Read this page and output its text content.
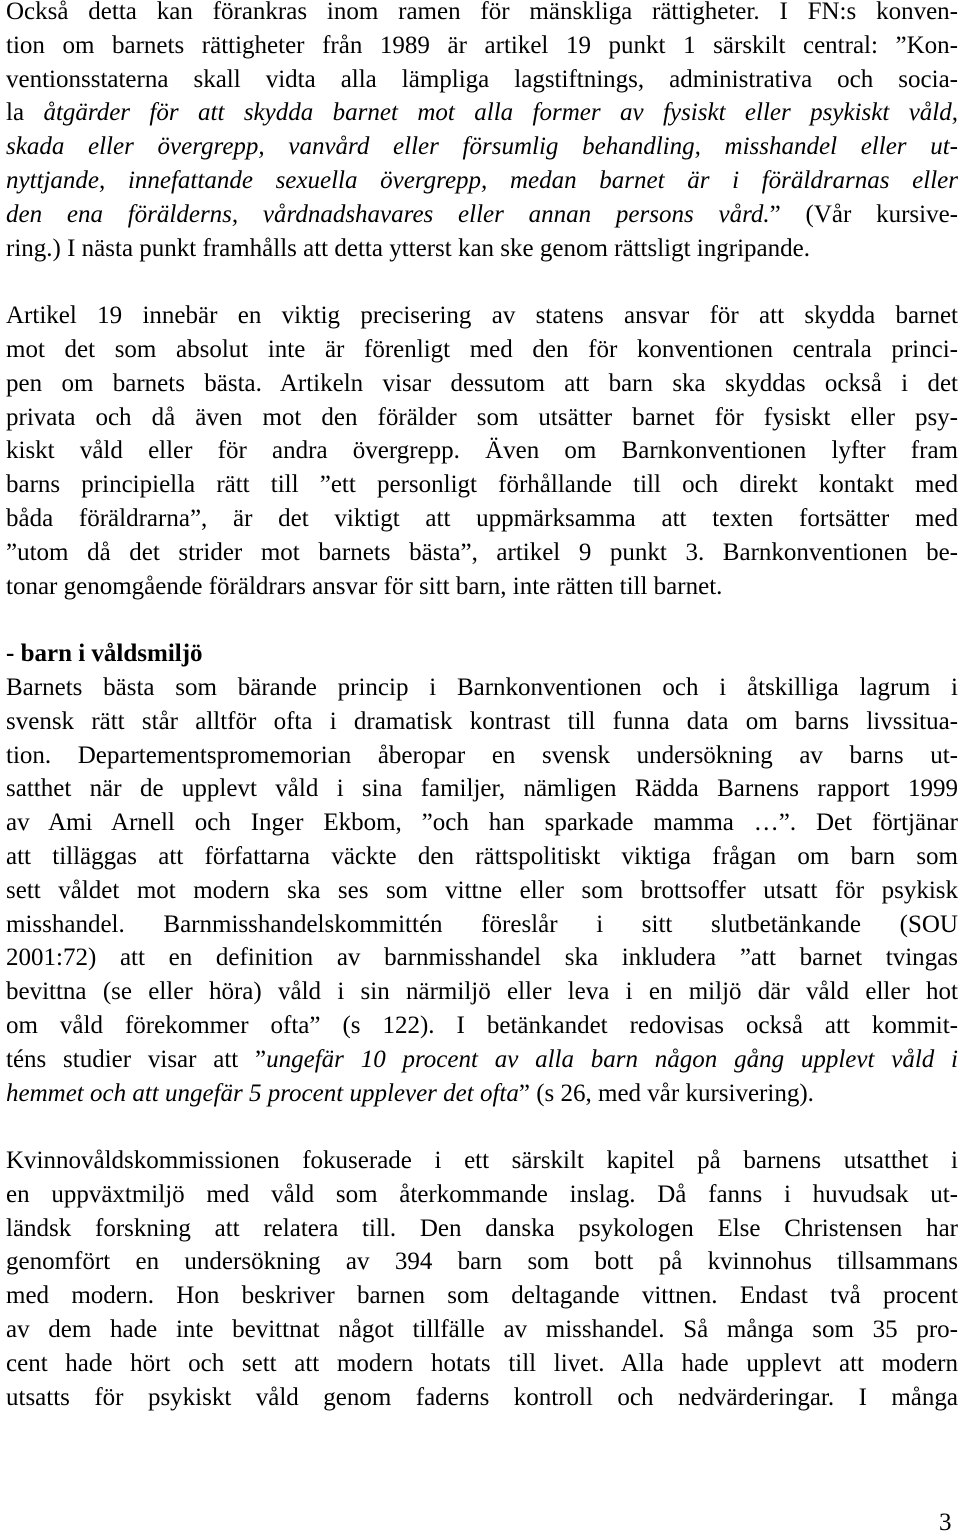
Också detta kan förankras inom ramen för mänskliga rättigheter. I FN:s konven-
tion om barnets rättigheter från 1989 är artikel 19 punkt 1 särskilt central: ”Kon-
ventionsstaterna skall vidta alla lämpliga lagstiftnings, administrativa och socia-
la åtgärder för att skydda barnet mot alla former av fysiskt eller psykiskt våld,
skada eller övergrepp, vanvård eller försumlig behandling, misshandel eller ut-
nyttjande, innefattande sexuella övergrepp, medan barnet är i föräldrarnas eller
den ena förälderns, vårdnadshavares eller annan persons vård.” (Vår kursive-
ring.) I nästa punkt framhålls att detta ytterst kan ske genom rättsligt ingripande.
Artikel 19 innebär en viktig precisering av statens ansvar för att skydda barnet
mot det som absolut inte är förenligt med den för konventionen centrala princi-
pen om barnets bästa. Artikeln visar dessutom att barn ska skyddas också i det
privata och då även mot den förälder som utsätter barnet för fysiskt eller psy-
kiskt våld eller för andra övergrepp. Även om Barnkonventionen lyfter fram
barns principiella rätt till ”ett personligt förhållande till och direkt kontakt med
båda föräldrarna”, är det viktigt att uppmärksamma att texten fortsätter med
”utom då det strider mot barnets bästa”, artikel 9 punkt 3. Barnkonventionen be-
tonar genomgående föräldrars ansvar för sitt barn, inte rätten till barnet.
- barn i våldsmiljö
Barnets bästa som bärande princip i Barnkonventionen och i åtskilliga lagrum i
svensk rätt står alltför ofta i dramatisk kontrast till funna data om barns livssitua-
tion. Departementspromemorian åberopar en svensk undersökning av barns ut-
satthet när de upplevt våld i sina familjer, nämligen Rädda Barnens rapport 1999
av Ami Arnell och Inger Ekbom, ”och han sparkade mamma …”. Det förtjänar
att tilläggas att författarna väckte den rättspolitiskt viktiga frågan om barn som
sett våldet mot modern ska ses som vittne eller som brottsoffer utsatt för psykisk
misshandel. Barnmisshandelskommittén föreslår i sitt slutbetänkande (SOU
2001:72) att en definition av barnmisshandel ska inkludera ”att barnet tvingas
bevittna (se eller höra) våld i sin närmiljö eller leva i en miljö där våld eller hot
om våld förekommer ofta” (s 122). I betänkandet redovisas också att kommit-
téns studier visar att ”ungefär 10 procent av alla barn någon gång upplevt våld i
hemmet och att ungefär 5 procent upplever det ofta” (s 26, med vår kursivering).
Kvinnovåldskommissionen fokuserade i ett särskilt kapitel på barnens utsatthet i
en uppväxtmiljö med våld som återkommande inslag. Då fanns i huvudsak ut-
ländsk forskning att relatera till. Den danska psykologen Else Christensen har
genomfört en undersökning av 394 barn som bott på kvinnohus tillsammans
med modern. Hon beskriver barnen som deltagande vittnen. Endast två procent
av dem hade inte bevittnat något tillfälle av misshandel. Så många som 35 pro-
cent hade hört och sett att modern hotats till livet. Alla hade upplevt att modern
utsatts för psykiskt våld genom faderns kontroll och nedvärderingar. I många
3
